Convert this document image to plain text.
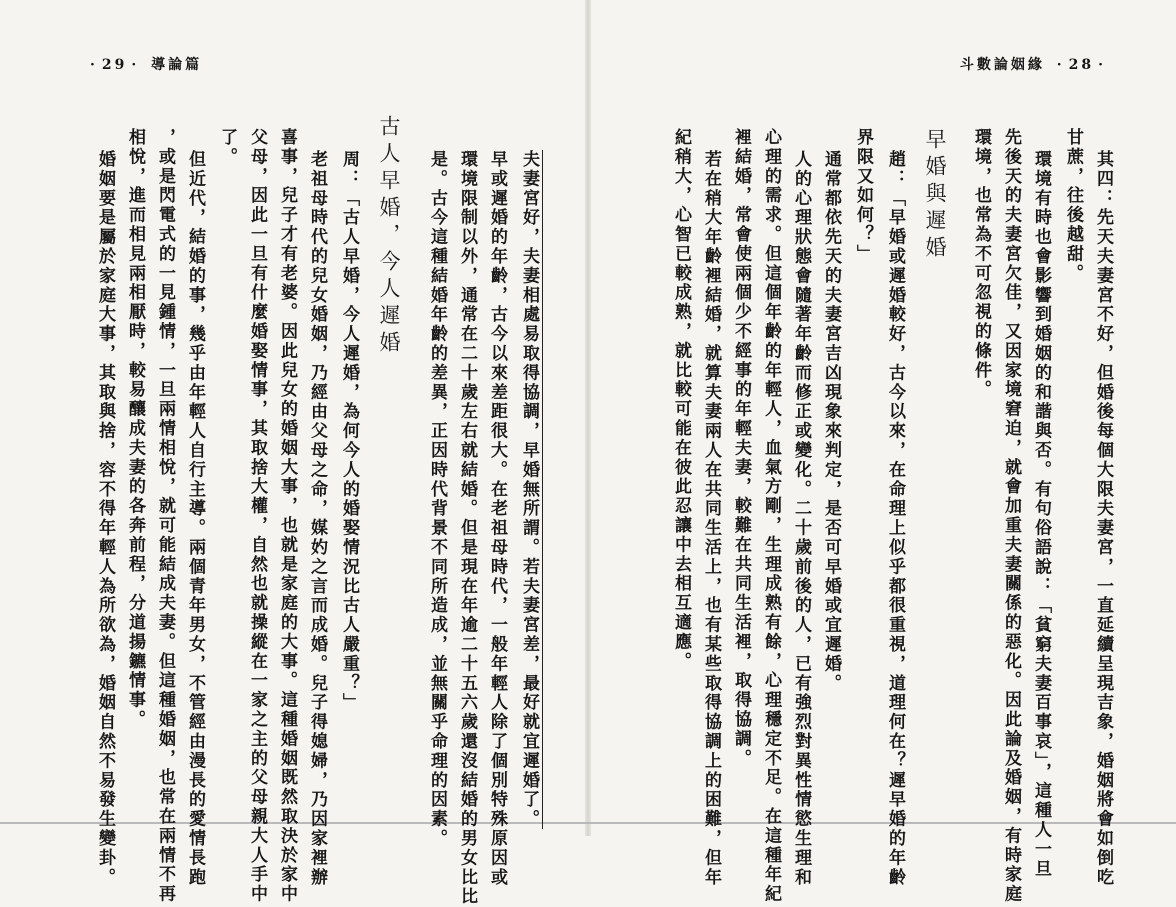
· 29 · 導論篇	斗數論姻緣 · 28 ·
夫妻宮好，夫妻相處易取得協調，早婚無所謂。若夫妻宮差，最好就宜遲婚了。
早或遲婚的年齡，古今以來差距很大。在老祖母時代，一般年輕人除了個別特殊原因或
環境限制以外，通常在二十歲左右就結婚。但是現在年逾二十五六歲還沒結婚的男女比比
是。古今這種結婚年齡的差異，正因時代背景不同所造成，並無關乎命理的因素。
古人早婚，今人遲婚
周：「古人早婚，今人遲婚，為何今人的婚娶情況比古人嚴重？」
老祖母時代的兒女婚姻，乃經由父母之命，媒妁之言而成婚。兒子得媳婦，乃因家裡辦
喜事，兒子才有老婆。因此兒女的婚姻大事，也就是家庭的大事。這種婚姻既然取決於家中
父母，因此一旦有什麼婚娶情事，其取捨大權，自然也就操縱在一家之主的父母親大人手中
了。
但近代，結婚的事，幾乎由年輕人自行主導。兩個青年男女，不管經由漫長的愛情長跑
，或是閃電式的一見鍾情，一旦兩情相悅，就可能結成夫妻。但這種婚姻，也常在兩情不再
相悅，進而相見兩相厭時，較易釀成夫妻的各奔前程，分道揚鑣情事。
婚姻要是屬於家庭大事，其取與捨，容不得年輕人為所欲為，婚姻自然不易發生變卦。	其四：先天夫妻宮不好，但婚後每個大限夫妻宮，一直延續呈現吉象，婚姻將會如倒吃
甘蔗，往後越甜。
環境有時也會影響到婚姻的和諧與否。有句俗語說：「貧窮夫妻百事哀」，這種人一旦
先後天的夫妻宮欠佳，又因家境窘迫，就會加重夫妻關係的惡化。因此論及婚姻，有時家庭
環境，也常為不可忽視的條件。
早婚與遲婚
趙：「早婚或遲婚較好，古今以來，在命理上似乎都很重視，道理何在？遲早婚的年齡
界限又如何？」
通常都依先天的夫妻宮吉凶現象來判定，是否可早婚或宜遲婚。
人的心理狀態會隨著年齡而修正或變化。二十歲前後的人，已有強烈對異性情慾生理和
心理的需求。但這個年齡的年輕人，血氣方剛，生理成熟有餘，心理穩定不足。在這種年紀
裡結婚，常會使兩個少不經事的年輕夫妻，較難在共同生活裡，取得協調。
若在稍大年齡裡結婚，就算夫妻兩人在共同生活上，也有某些取得協調上的困難，但年
紀稍大，心智已較成熟，就比較可能在彼此忍讓中去相互適應。
